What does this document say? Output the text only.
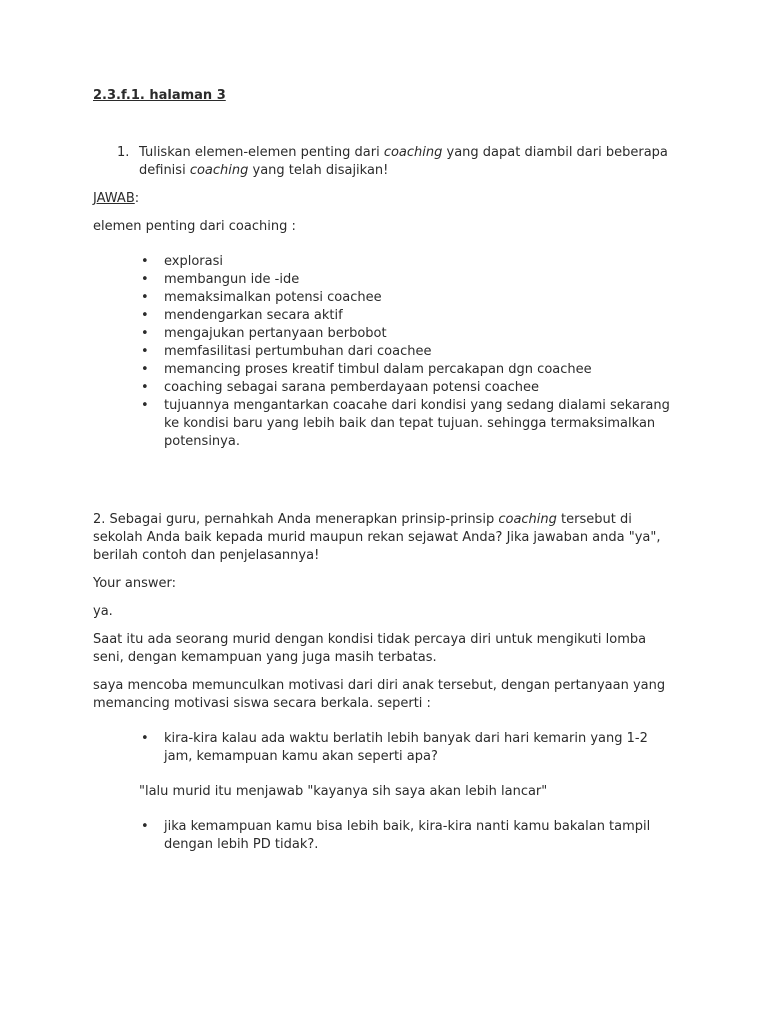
2.3.f.1. halaman 3
1. Tuliskan elemen-elemen penting dari coaching yang dapat diambil dari beberapa definisi coaching yang telah disajikan!

JAWAB:

elemen penting dari coaching :

• explorasi
• membangun ide -ide
• memaksimalkan potensi coachee
• mendengarkan secara aktif
• mengajukan pertanyaan berbobot
• memfasilitasi pertumbuhan dari coachee
• memancing proses kreatif timbul dalam percakapan dgn coachee
• coaching sebagai sarana pemberdayaan potensi coachee
• tujuannya mengantarkan coacahe dari kondisi yang sedang dialami sekarang ke kondisi baru yang lebih baik dan tepat tujuan. sehingga termaksimalkan potensinya.

2. Sebagai guru, pernahkah Anda menerapkan prinsip-prinsip coaching tersebut di sekolah Anda baik kepada murid maupun rekan sejawat Anda? Jika jawaban anda "ya", berilah contoh dan penjelasannya!

Your answer:

ya.

Saat itu ada seorang murid dengan kondisi tidak percaya diri untuk mengikuti lomba seni, dengan kemampuan yang juga masih terbatas.

saya mencoba memunculkan motivasi dari diri anak tersebut, dengan pertanyaan yang memancing motivasi siswa secara berkala. seperti :

• kira-kira kalau ada waktu berlatih lebih banyak dari hari kemarin yang 1-2 jam, kemampuan kamu akan seperti apa?

"lalu murid itu menjawab "kayanya sih saya akan lebih lancar"

• jika kemampuan kamu bisa lebih baik, kira-kira nanti kamu bakalan tampil dengan lebih PD tidak?.
